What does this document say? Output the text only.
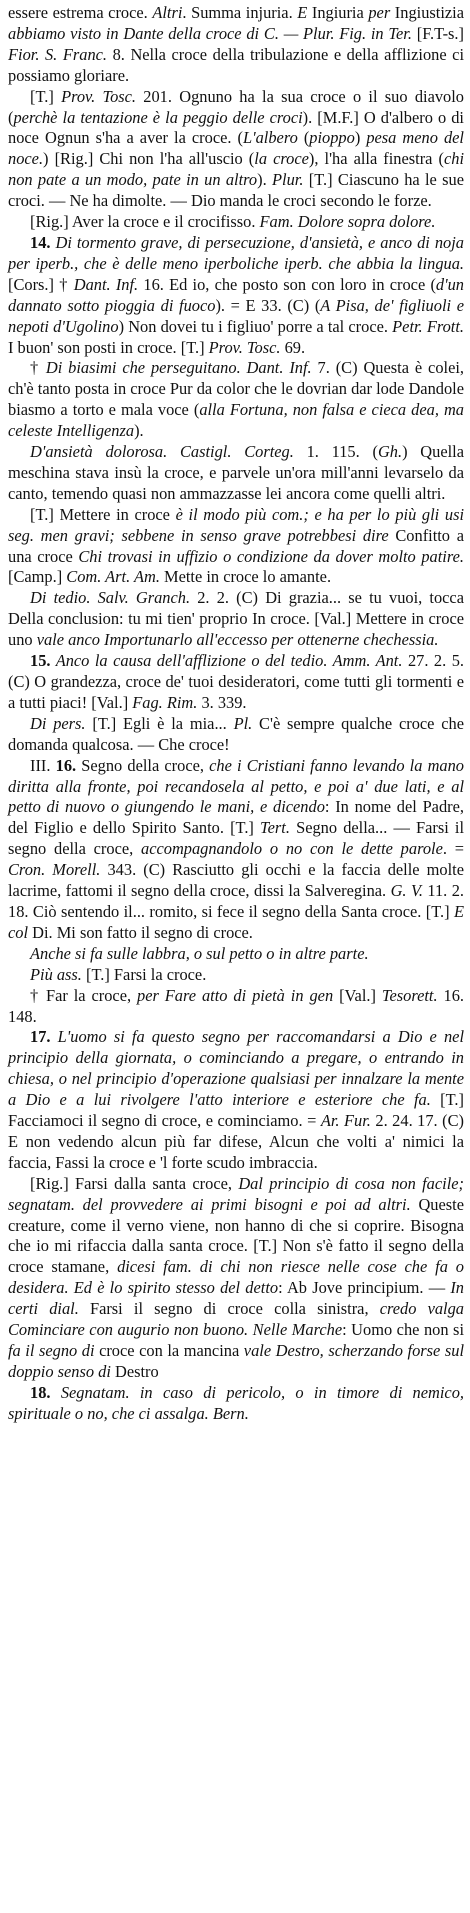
essere estrema croce. Altri. Summa injuria. E Ingiuria per Ingiustizia abbiamo visto in Dante della croce di C. — Plur. Fig. in Ter. [F.T-s.] Fior. S. Franc. 8. Nella croce della tribulazione e della afflizione ci possiamo gloriare.

[T.] Prov. Tosc. 201. Ognuno ha la sua croce o il suo diavolo (perchè la tentazione è la peggio delle croci). [M.F.] O d'albero o di noce Ognun s'ha a aver la croce. (L'albero (pioppo) pesa meno del noce.) [Rig.] Chi non l'ha all'uscio (la croce), l'ha alla finestra (chi non pate a un modo, pate in un altro). Plur. [T.] Ciascuno ha le sue croci. — Ne ha dimolte. — Dio manda le croci secondo le forze.

[Rig.] Aver la croce e il crocifisso. Fam. Dolore sopra dolore.

14. Di tormento grave, di persecuzione, d'ansietà, e anco di noja per iperb., che è delle meno iperboliche iperb. che abbia la lingua. [Cors.] † Dant. Inf. 16. Ed io, che posto son con loro in croce (d'un dannato sotto pioggia di fuoco). = E 33. (C) (A Pisa, de' figliuoli e nepoti d'Ugolino) Non dovei tu i figliuo' porre a tal croce. Petr. Frott. I buon' son posti in croce. [T.] Prov. Tosc. 69.

† Di biasimi che perseguitano. Dant. Inf. 7. (C) Questa è colei, ch'è tanto posta in croce Pur da color che le dovrian dar lode Dandole biasmo a torto e mala voce (alla Fortuna, non falsa e cieca dea, ma celeste Intelligenza).

D'ansietà dolorosa. Castigl. Corteg. 1. 115. (Gh.) Quella meschina stava insù la croce, e parvele un'ora mill'anni levarselo da canto, temendo quasi non ammazzasse lei ancora come quelli altri.

[T.] Mettere in croce è il modo più com.; e ha per lo più gli usi seg. men gravi; sebbene in senso grave potrebbesi dire Confitto a una croce Chi trovasi in uffizio o condizione da dover molto patire. [Camp.] Com. Art. Am. Mette in croce lo amante.

Di tedio. Salv. Granch. 2. 2. (C) Di grazia... se tu vuoi, tocca Della conclusion: tu mi tien' proprio In croce. [Val.] Mettere in croce uno vale anco Importunarlo all'eccesso per ottenerne chechessia.

15. Anco la causa dell'afflizione o del tedio. Amm. Ant. 27. 2. 5. (C) O grandezza, croce de' tuoi desideratori, come tutti gli tormenti e a tutti piaci! [Val.] Fag. Rim. 3. 339.

Di pers. [T.] Egli è la mia... Pl. C'è sempre qualche croce che domanda qualcosa. — Che croce!

III. 16. Segno della croce, che i Cristiani fanno levando la mano diritta alla fronte, poi recandosela al petto, e poi a' due lati, e al petto di nuovo o giungendo le mani, e dicendo: In nome del Padre, del Figlio e dello Spirito Santo. [T.] Tert. Segno della... — Farsi il segno della croce, accompagnandolo o no con le dette parole. = Cron. Morell. 343. (C) Rasciutto gli occhi e la faccia delle molte lacrime, fattomi il segno della croce, dissi la Salveregina. G. V. 11. 2. 18. Ciò sentendo il... romito, si fece il segno della Santa croce. [T.] E col Di. Mi son fatto il segno di croce.

Anche si fa sulle labbra, o sul petto o in altre parte.

Più ass. [T.] Farsi la croce.

† Far la croce, per Fare atto di pietà in gen [Val.] Tesorett. 16. 148.

17. L'uomo si fa questo segno per raccomandarsi a Dio e nel principio della giornata, o cominciando a pregare, o entrando in chiesa, o nel principio d'operazione qualsiasi per innalzare la mente a Dio e a lui rivolgere l'atto interiore e esteriore che fa. [T.] Facciamoci il segno di croce, e cominciamo. = Ar. Fur. 2. 24. 17. (C) E non vedendo alcun più far difese, Alcun che volti a' nimici la faccia, Fassi la croce e 'l forte scudo imbraccia.

[Rig.] Farsi dalla santa croce, Dal principio di cosa non facile; segnatam. del provvedere ai primi bisogni e poi ad altri. Queste creature, come il verno viene, non hanno di che si coprire. Bisogna che io mi rifaccia dalla santa croce. [T.] Non s'è fatto il segno della croce stamane, dicesi fam. di chi non riesce nelle cose che fa o desidera. Ed è lo spirito stesso del detto: Ab Jove principium. — In certi dial. Farsi il segno di croce colla sinistra, credo valga Cominciare con augurio non buono. Nelle Marche: Uomo che non si fa il segno di croce con la mancina vale Destro, scherzando forse sul doppio senso di Destro

18. Segnatam. in caso di pericolo, o in timore di nemico, spirituale o no, che ci assalga. Bern.
